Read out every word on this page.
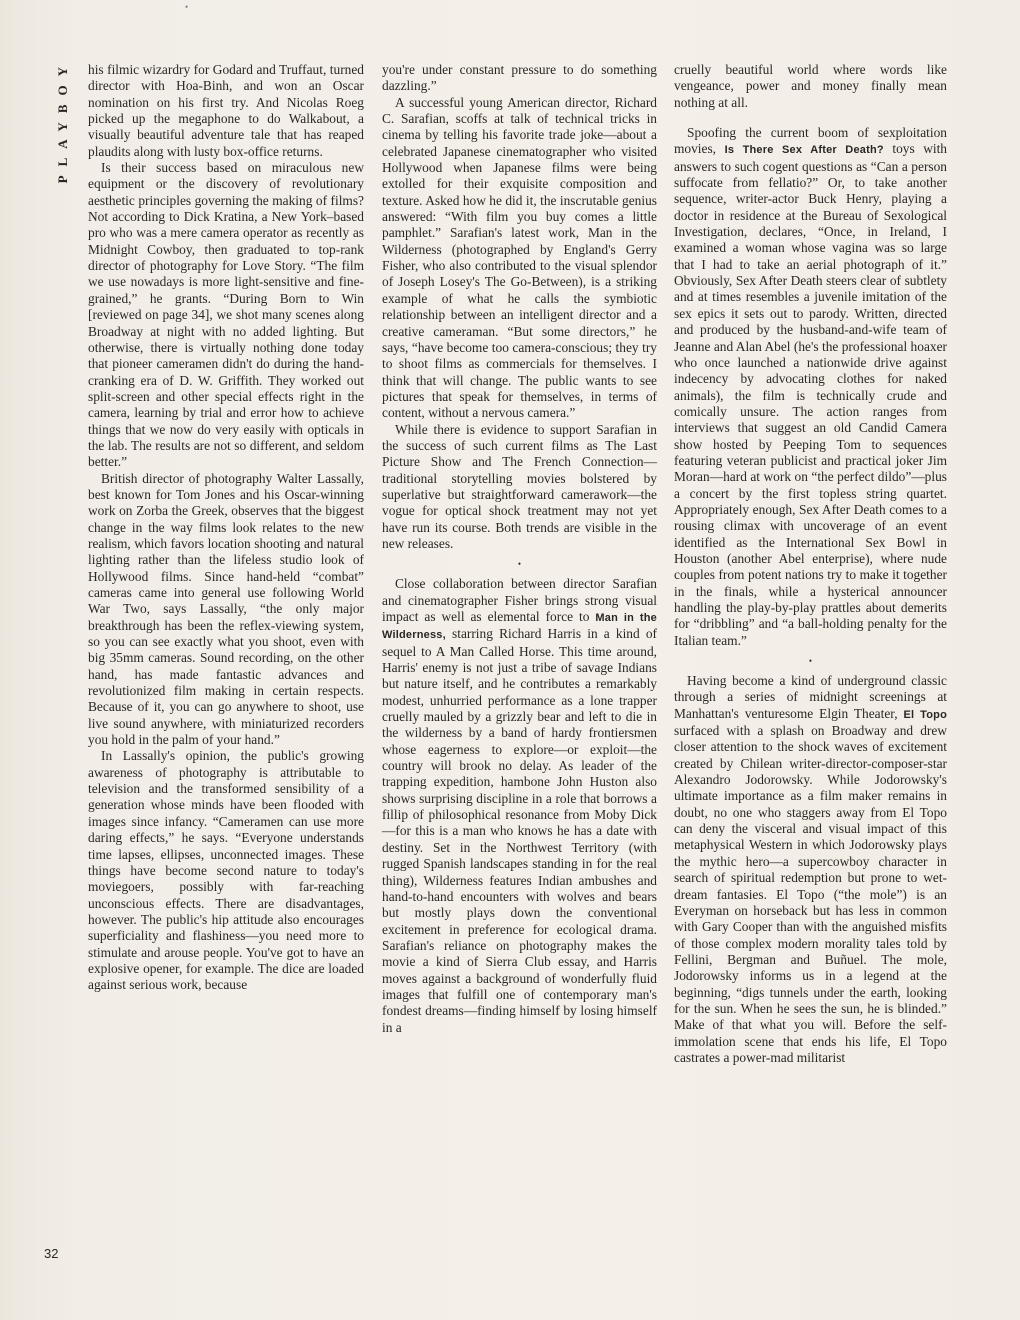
•
PLAYBOY his filmic wizardry for Godard and Truffaut, turned director with Hoa-Binh, and won an Oscar nomination on his first try. And Nicolas Roeg picked up the megaphone to do Walkabout, a visually beautiful adventure tale that has reaped plaudits along with lusty box-office returns.

Is their success based on miraculous new equipment or the discovery of revolutionary aesthetic principles governing the making of films? Not according to Dick Kratina, a New York–based pro who was a mere camera operator as recently as Midnight Cowboy, then graduated to top-rank director of photography for Love Story. “The film we use nowadays is more light-sensitive and fine-grained,” he grants. “During Born to Win [reviewed on page 34], we shot many scenes along Broadway at night with no added lighting. But otherwise, there is virtually nothing done today that pioneer cameramen didn't do during the hand-cranking era of D. W. Griffith. They worked out split-screen and other special effects right in the camera, learning by trial and error how to achieve things that we now do very easily with opticals in the lab. The results are not so different, and seldom better.”

British director of photography Walter Lassally, best known for Tom Jones and his Oscar-winning work on Zorba the Greek, observes that the biggest change in the way films look relates to the new realism, which favors location shooting and natural lighting rather than the lifeless studio look of Hollywood films. Since hand-held “combat” cameras came into general use following World War Two, says Lassally, “the only major breakthrough has been the reflex-viewing system, so you can see exactly what you shoot, even with big 35mm cameras. Sound recording, on the other hand, has made fantastic advances and revolutionized film making in certain respects. Because of it, you can go anywhere to shoot, use live sound anywhere, with miniaturized recorders you hold in the palm of your hand.”

In Lassally's opinion, the public's growing awareness of photography is attributable to television and the transformed sensibility of a generation whose minds have been flooded with images since infancy. “Cameramen can use more daring effects,” he says. “Everyone understands time lapses, ellipses, unconnected images. These things have become second nature to today's moviegoers, possibly with far-reaching unconscious effects. There are disadvantages, however. The public's hip attitude also encourages superficiality and flashiness—you need more to stimulate and arouse people. You've got to have an explosive opener, for example. The dice are loaded against serious work, because

you're under constant pressure to do something dazzling.”

A successful young American director, Richard C. Sarafian, scoffs at talk of technical tricks in cinema by telling his favorite trade joke—about a celebrated Japanese cinematographer who visited Hollywood when Japanese films were being extolled for their exquisite composition and texture. Asked how he did it, the inscrutable genius answered: “With film you buy comes a little pamphlet.” Sarafian's latest work, Man in the Wilderness (photographed by England's Gerry Fisher, who also contributed to the visual splendor of Joseph Losey's The Go-Between), is a striking example of what he calls the symbiotic relationship between an intelligent director and a creative cameraman. “But some directors,” he says, “have become too camera-conscious; they try to shoot films as commercials for themselves. I think that will change. The public wants to see pictures that speak for themselves, in terms of content, without a nervous camera.”

While there is evidence to support Sarafian in the success of such current films as The Last Picture Show and The French Connection—traditional storytelling movies bolstered by superlative but straightforward camerawork—the vogue for optical shock treatment may not yet have run its course. Both trends are visible in the new releases.

•

Close collaboration between director Sarafian and cinematographer Fisher brings strong visual impact as well as elemental force to Man in the Wilderness, starring Richard Harris in a kind of sequel to A Man Called Horse. This time around, Harris' enemy is not just a tribe of savage Indians but nature itself, and he contributes a remarkably modest, unhurried performance as a lone trapper cruelly mauled by a grizzly bear and left to die in the wilderness by a band of hardy frontiersmen whose eagerness to explore—or exploit—the country will brook no delay. As leader of the trapping expedition, hambone John Huston also shows surprising discipline in a role that borrows a fillip of philosophical resonance from Moby Dick—for this is a man who knows he has a date with destiny. Set in the Northwest Territory (with rugged Spanish landscapes standing in for the real thing), Wilderness features Indian ambushes and hand-to-hand encounters with wolves and bears but mostly plays down the conventional excitement in preference for ecological drama. Sarafian's reliance on photography makes the movie a kind of Sierra Club essay, and Harris moves against a background of wonderfully fluid images that fulfill one of contemporary man's fondest dreams—finding himself by losing himself in a

cruelly beautiful world where words like vengeance, power and money finally mean nothing at all.

Spoofing the current boom of sexploitation movies, Is There Sex After Death? toys with answers to such cogent questions as “Can a person suffocate from fellatio?” Or, to take another sequence, writer-actor Buck Henry, playing a doctor in residence at the Bureau of Sexological Investigation, declares, “Once, in Ireland, I examined a woman whose vagina was so large that I had to take an aerial photograph of it.” Obviously, Sex After Death steers clear of subtlety and at times resembles a juvenile imitation of the sex epics it sets out to parody. Written, directed and produced by the husband-and-wife team of Jeanne and Alan Abel (he's the professional hoaxer who once launched a nationwide drive against indecency by advocating clothes for naked animals), the film is technically crude and comically unsure. The action ranges from interviews that suggest an old Candid Camera show hosted by Peeping Tom to sequences featuring veteran publicist and practical joker Jim Moran—hard at work on “the perfect dildo”—plus a concert by the first topless string quartet. Appropriately enough, Sex After Death comes to a rousing climax with uncoverage of an event identified as the International Sex Bowl in Houston (another Abel enterprise), where nude couples from potent nations try to make it together in the finals, while a hysterical announcer handling the play-by-play prattles about demerits for “dribbling” and “a ball-holding penalty for the Italian team.”

•

Having become a kind of underground classic through a series of midnight screenings at Manhattan's venturesome Elgin Theater, El Topo surfaced with a splash on Broadway and drew closer attention to the shock waves of excitement created by Chilean writer-director-composer-star Alexandro Jodorowsky. While Jodorowsky's ultimate importance as a film maker remains in doubt, no one who staggers away from El Topo can deny the visceral and visual impact of this metaphysical Western in which Jodorowsky plays the mythic hero—a supercowboy character in search of spiritual redemption but prone to wet-dream fantasies. El Topo (“the mole”) is an Everyman on horseback but has less in common with Gary Cooper than with the anguished misfits of those complex modern morality tales told by Fellini, Bergman and Buñuel. The mole, Jodorowsky informs us in a legend at the beginning, “digs tunnels under the earth, looking for the sun. When he sees the sun, he is blinded.” Make of that what you will. Before the self-immolation scene that ends his life, El Topo castrates a power-mad militarist

32
